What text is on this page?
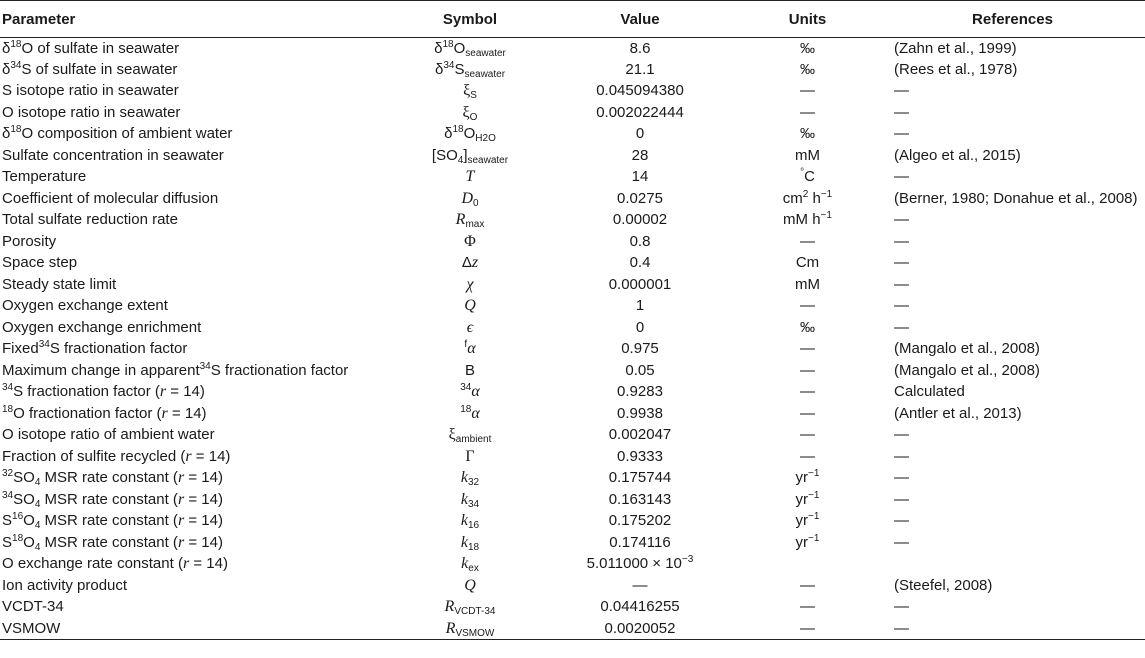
Parameter	Symbol	Value	Units	References
$\delta^{18}O$ of sulfate in seawater	$\delta^{18}O_{seawater}$	8.6	‰	(Zahn et al., 1999)
$\delta^{34}S$ of sulfate in seawater	$\delta^{34}S_{seawater}$	21.1	‰	(Rees et al., 1978)
S isotope ratio in seawater	$\xi_S$	0.045094380	—	—
O isotope ratio in seawater	$\xi_O$	0.002022444	—	—
$\delta^{18}O$ composition of ambient water	$\delta^{18}O_{H2O}$	0	‰	—
Sulfate concentration in seawater	$[SO_4]_{seawater}$	28	mM	(Algeo et al., 2015)
Temperature	T	14	°C	—
Coefficient of molecular diffusion	$D_0$	0.0275	$cm^2$ $h^{-1}$	(Berner, 1980; Donahue et al., 2008)
Total sulfate reduction rate	$R_{max}$	0.00002	mM $h^{-1}$	—
Porosity	Φ	0.8	—	—
Space step	Δz	0.4	Cm	—
Steady state limit	χ	0.000001	mM	—
Oxygen exchange extent	Q	1	—	—
Oxygen exchange enrichment	ϵ	0	‰	—
Fixed$^{34}$S fractionation factor	$^f$α	0.975	—	(Mangalo et al., 2008)
Maximum change in apparent$^{34}$S fractionation factor	Β	0.05	—	(Mangalo et al., 2008)
$^{34}$S fractionation factor (r = 14)	$^{34}$α	0.9283	—	Calculated
$^{18}$O fractionation factor (r = 14)	$^{18}$α	0.9938	—	(Antler et al., 2013)
O isotope ratio of ambient water	$\xi_{ambient}$	0.002047	—	—
Fraction of sulfite recycled (r = 14)	Γ	0.9333	—	—
$^{32}SO_4$ MSR rate constant (r = 14)	$k_{32}$	0.175744	$yr^{-1}$	—
$^{34}SO_4$ MSR rate constant (r = 14)	$k_{34}$	0.163143	$yr^{-1}$	—
$S^{16}O_4$ MSR rate constant (r = 14)	$k_{16}$	0.175202	$yr^{-1}$	—
$S^{18}O_4$ MSR rate constant (r = 14)	$k_{18}$	0.174116	$yr^{-1}$	—
O exchange rate constant (r = 14)	$k_{ex}$	$5.011000 \times 10^{-3}$		
Ion activity product	Q	—	—	(Steefel, 2008)
VCDT-34	$R_{VCDT-34}$	0.04416255	—	—
VSMOW	$R_{VSMOW}$	0.0020052	—	—
